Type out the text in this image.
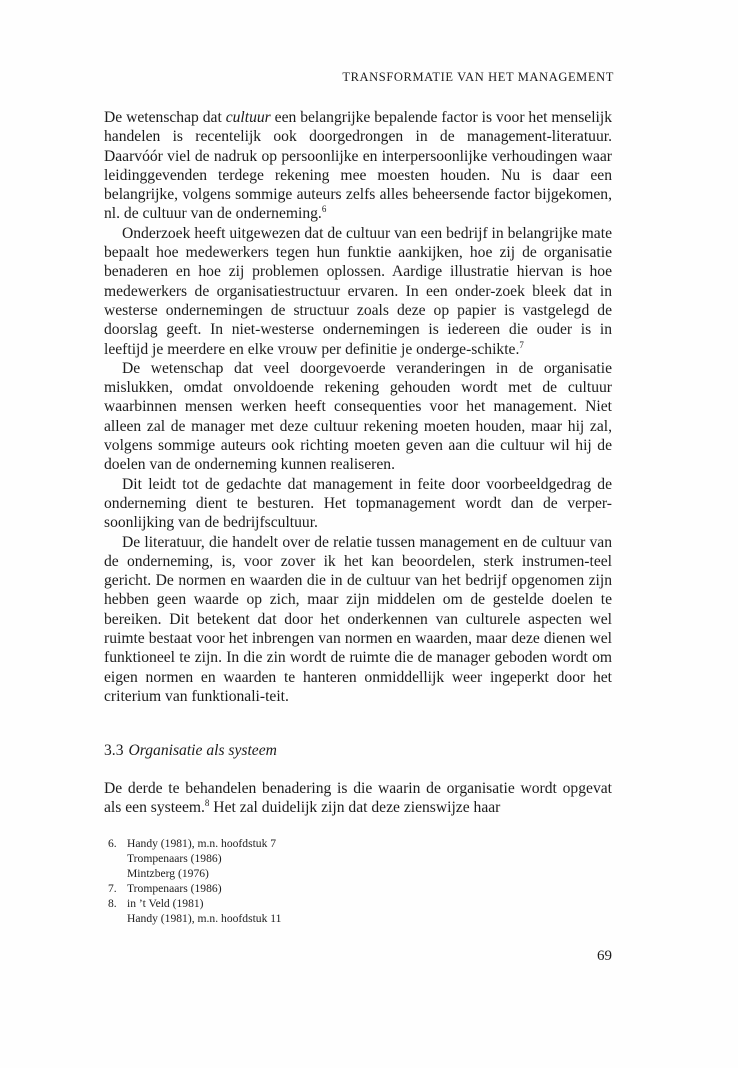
TRANSFORMATIE VAN HET MANAGEMENT

De wetenschap dat cultuur een belangrijke bepalende factor is voor het menselijk handelen is recentelijk ook doorgedrongen in de management-literatuur. Daarvóór viel de nadruk op persoonlijke en interpersoonlijke verhoudingen waar leidinggevenden terdege rekening mee moesten houden. Nu is daar een belangrijke, volgens sommige auteurs zelfs alles beheersende factor bijgekomen, nl. de cultuur van de onderneming.$^6$

Onderzoek heeft uitgewezen dat de cultuur van een bedrijf in belangrijke mate bepaalt hoe medewerkers tegen hun funktie aankijken, hoe zij de organisatie benaderen en hoe zij problemen oplossen. Aardige illustratie hiervan is hoe medewerkers de organisatiestructuur ervaren. In een onder-zoek bleek dat in westerse ondernemingen de structuur zoals deze op papier is vastgelegd de doorslag geeft. In niet-westerse ondernemingen is iedereen die ouder is in leeftijd je meerdere en elke vrouw per definitie je onderge-schikte.$^7$

De wetenschap dat veel doorgevoerde veranderingen in de organisatie mislukken, omdat onvoldoende rekening gehouden wordt met de cultuur waarbinnen mensen werken heeft consequenties voor het management. Niet alleen zal de manager met deze cultuur rekening moeten houden, maar hij zal, volgens sommige auteurs ook richting moeten geven aan die cultuur wil hij de doelen van de onderneming kunnen realiseren.

Dit leidt tot de gedachte dat management in feite door voorbeeldgedrag de onderneming dient te besturen. Het topmanagement wordt dan de verper-soonlijking van de bedrijfscultuur.

De literatuur, die handelt over de relatie tussen management en de cultuur van de onderneming, is, voor zover ik het kan beoordelen, sterk instrumen-teel gericht. De normen en waarden die in de cultuur van het bedrijf opgenomen zijn hebben geen waarde op zich, maar zijn middelen om de gestelde doelen te bereiken. Dit betekent dat door het onderkennen van culturele aspecten wel ruimte bestaat voor het inbrengen van normen en waarden, maar deze dienen wel funktioneel te zijn. In die zin wordt de ruimte die de manager geboden wordt om eigen normen en waarden te hanteren onmiddellijk weer ingeperkt door het criterium van funktionali-teit.

3.3 Organisatie als systeem

De derde te behandelen benadering is die waarin de organisatie wordt opgevat als een systeem.$^8$ Het zal duidelijk zijn dat deze zienswijze haar

6. Handy (1981), m.n. hoofdstuk 7
Trompenaars (1986)
Mintzberg (1976)
7. Trompenaars (1986)
8. in ’t Veld (1981)
Handy (1981), m.n. hoofdstuk 11
69
